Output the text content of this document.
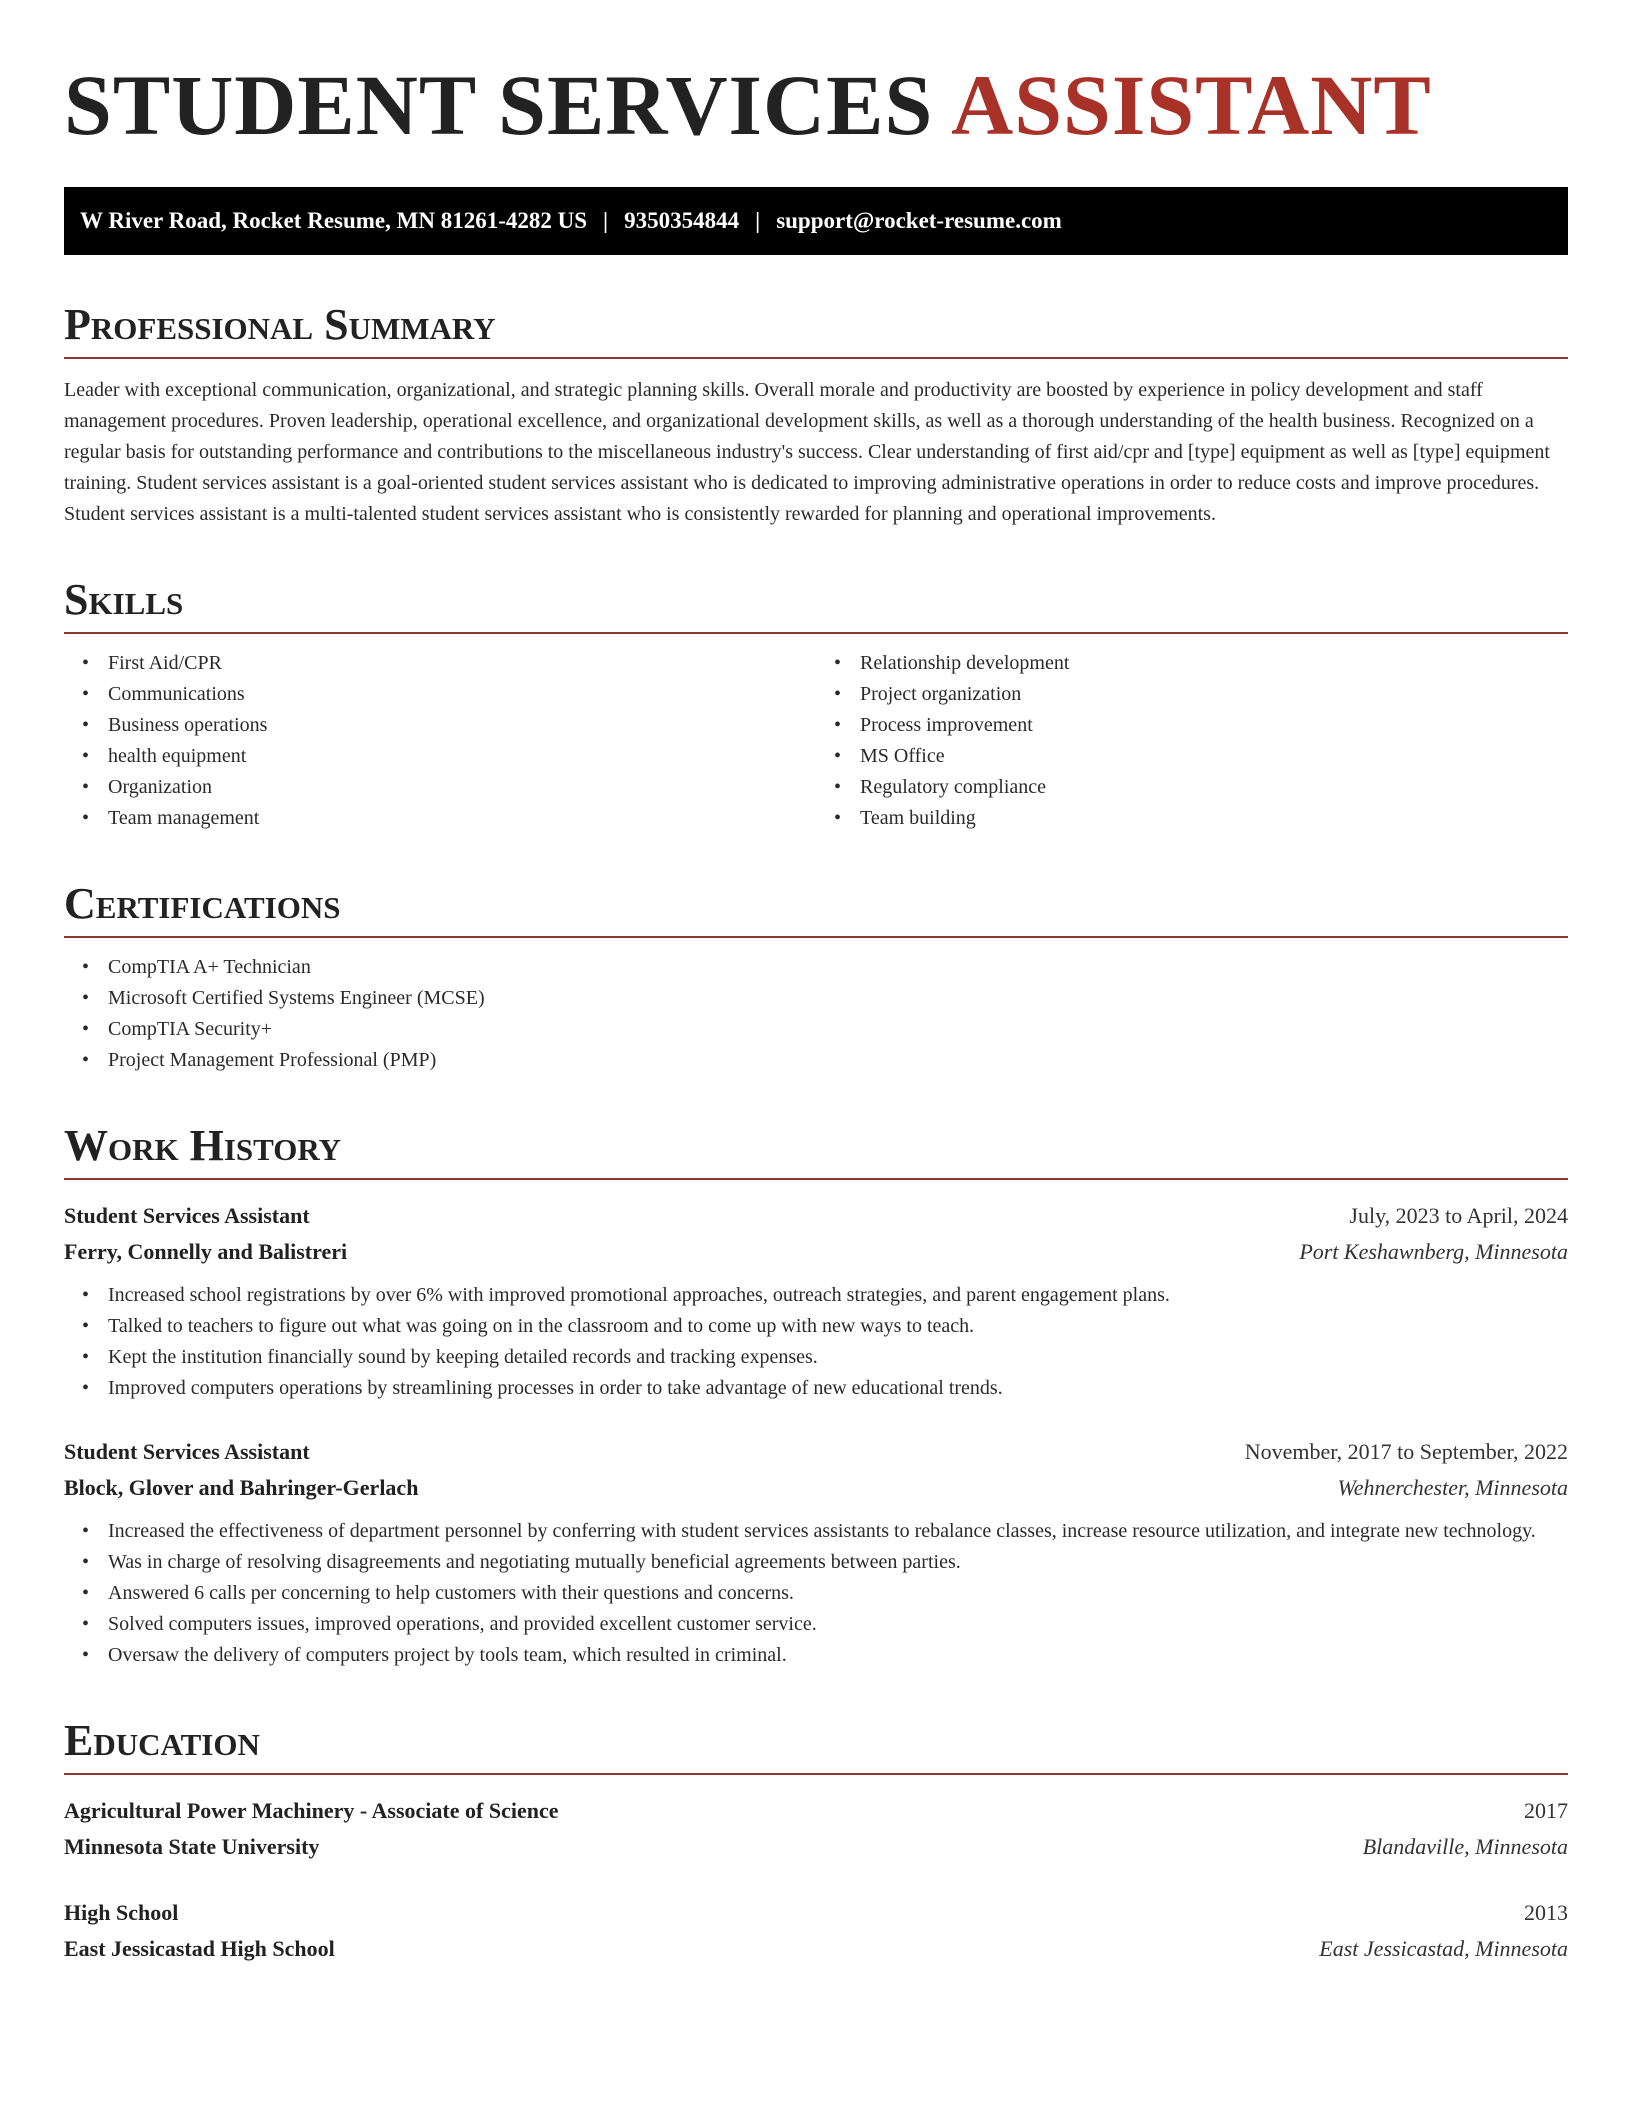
STUDENT SERVICES ASSISTANT
W River Road, Rocket Resume, MN 81261-4282 US | 9350354844 | support@rocket-resume.com
Professional Summary

Leader with exceptional communication, organizational, and strategic planning skills. Overall morale and productivity are boosted by experience in policy development and staff management procedures. Proven leadership, operational excellence, and organizational development skills, as well as a thorough understanding of the health business. Recognized on a regular basis for outstanding performance and contributions to the miscellaneous industry's success. Clear understanding of first aid/cpr and [type] equipment as well as [type] equipment training. Student services assistant is a goal-oriented student services assistant who is dedicated to improving administrative operations in order to reduce costs and improve procedures. Student services assistant is a multi-talented student services assistant who is consistently rewarded for planning and operational improvements.

Skills
• First Aid/CPR
• Communications
• Business operations
• health equipment
• Organization
• Team management
• Relationship development
• Project organization
• Process improvement
• MS Office
• Regulatory compliance
• Team building
Certifications
• CompTIA A+ Technician
• Microsoft Certified Systems Engineer (MCSE)
• CompTIA Security+
• Project Management Professional (PMP)
Work History
Student Services Assistant	July, 2023 to April, 2024
Ferry, Connelly and Balistreri	Port Keshawnberg, Minnesota
• Increased school registrations by over 6% with improved promotional approaches, outreach strategies, and parent engagement plans.
• Talked to teachers to figure out what was going on in the classroom and to come up with new ways to teach.
• Kept the institution financially sound by keeping detailed records and tracking expenses.
• Improved computers operations by streamlining processes in order to take advantage of new educational trends.
Student Services Assistant	November, 2017 to September, 2022
Block, Glover and Bahringer-Gerlach	Wehnerchester, Minnesota
• Increased the effectiveness of department personnel by conferring with student services assistants to rebalance classes, increase resource utilization, and integrate new technology.
• Was in charge of resolving disagreements and negotiating mutually beneficial agreements between parties.
• Answered 6 calls per concerning to help customers with their questions and concerns.
• Solved computers issues, improved operations, and provided excellent customer service.
• Oversaw the delivery of computers project by tools team, which resulted in criminal.
Education
Agricultural Power Machinery - Associate of Science	2017
Minnesota State University	Blandaville, Minnesota
High School	2013
East Jessicastad High School	East Jessicastad, Minnesota
